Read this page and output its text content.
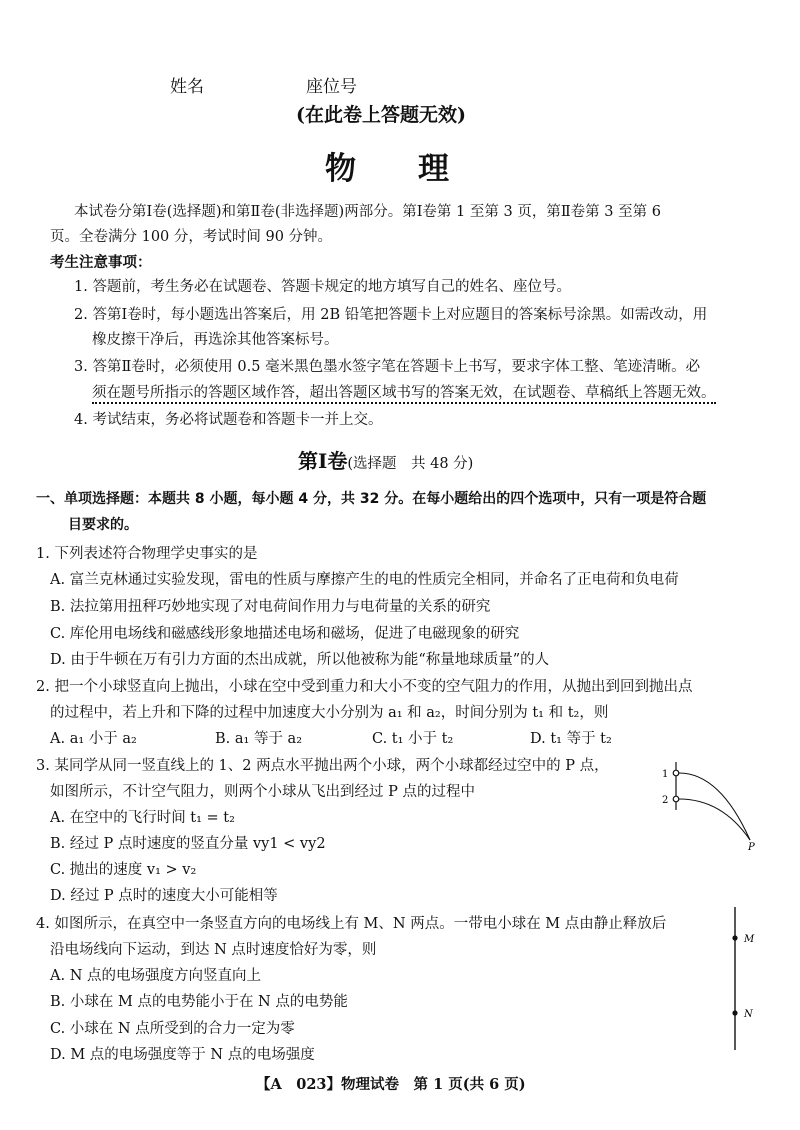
姓名	座位号
(在此卷上答题无效)
物　　理
本试卷分第Ⅰ卷(选择题)和第Ⅱ卷(非选择题)两部分。第Ⅰ卷第 1 至第 3 页，第Ⅱ卷第 3 至第 6
页。全卷满分 100 分，考试时间 90 分钟。
考生注意事项：
1. 答题前，考生务必在试题卷、答题卡规定的地方填写自己的姓名、座位号。
2. 答第Ⅰ卷时，每小题选出答案后，用 2B 铅笔把答题卡上对应题目的答案标号涂黑。如需改动，用
橡皮擦干净后，再选涂其他答案标号。
3. 答第Ⅱ卷时，必须使用 0.5 毫米黑色墨水签字笔在答题卡上书写，要求字体工整、笔迹清晰。必
须在题号所指示的答题区域作答，超出答题区域书写的答案无效，在试题卷、草稿纸上答题无效。
4. 考试结束，务必将试题卷和答题卡一并上交。
第Ⅰ卷(选择题　共 48 分)
一、单项选择题：本题共 8 小题，每小题 4 分，共 32 分。在每小题给出的四个选项中，只有一项是符合题
目要求的。
1. 下列表述符合物理学史事实的是
A. 富兰克林通过实验发现，雷电的性质与摩擦产生的电的性质完全相同，并命名了正电荷和负电荷
B. 法拉第用扭秤巧妙地实现了对电荷间作用力与电荷量的关系的研究
C. 库伦用电场线和磁感线形象地描述电场和磁场，促进了电磁现象的研究
D. 由于牛顿在万有引力方面的杰出成就，所以他被称为能“称量地球质量”的人
2. 把一个小球竖直向上抛出，小球在空中受到重力和大小不变的空气阻力的作用，从抛出到回到抛出点
的过程中，若上升和下降的过程中加速度大小分别为 a₁ 和 a₂，时间分别为 t₁ 和 t₂，则
A. a₁ 小于 a₂	B. a₁ 等于 a₂	C. t₁ 小于 t₂	D. t₁ 等于 t₂
3. 某同学从同一竖直线上的 1、2 两点水平抛出两个小球，两个小球都经过空中的 P 点，
如图所示，不计空气阻力，则两个小球从飞出到经过 P 点的过程中
A. 在空中的飞行时间 t₁ = t₂
B. 经过 P 点时速度的竖直分量 vy1 < vy2
C. 抛出的速度 v₁ > v₂
D. 经过 P 点时的速度大小可能相等
1
2
P
4. 如图所示，在真空中一条竖直方向的电场线上有 M、N 两点。一带电小球在 M 点由静止释放后
沿电场线向下运动，到达 N 点时速度恰好为零，则
A. N 点的电场强度方向竖直向上
B. 小球在 M 点的电势能小于在 N 点的电势能
C. 小球在 N 点所受到的合力一定为零
D. M 点的电场强度等于 N 点的电场强度
M
N
【A　023】物理试卷　第 1 页(共 6 页)
